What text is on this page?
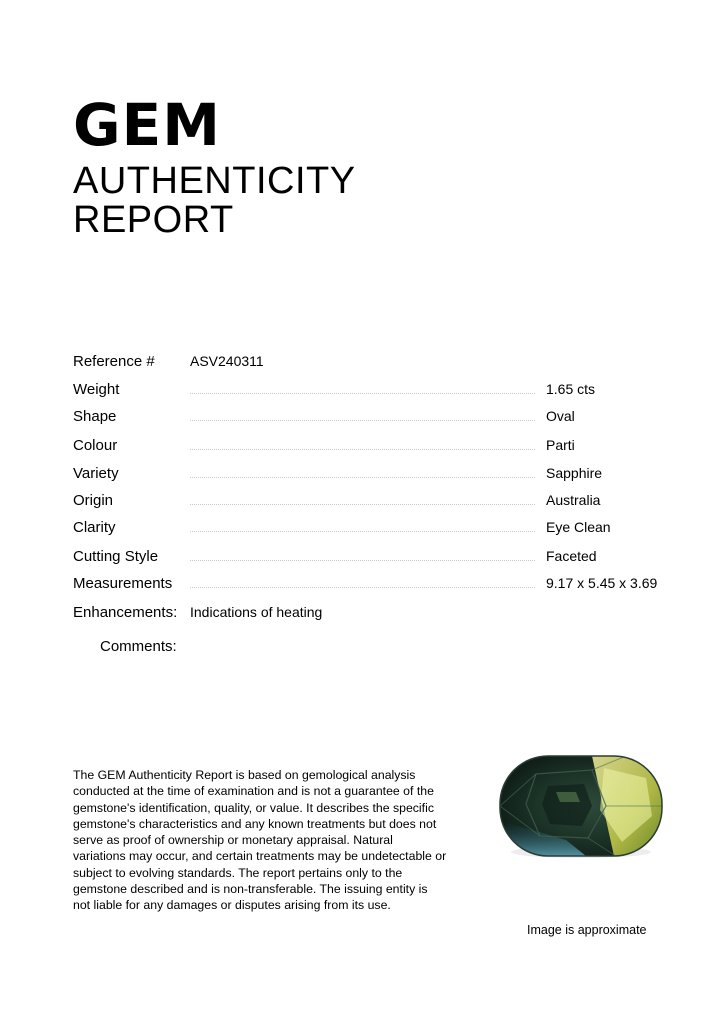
GEM
AUTHENTICITY
REPORT
Reference #	ASV240311
Weight	1.65 cts
Shape	Oval
Colour	Parti
Variety	Sapphire
Origin	Australia
Clarity	Eye Clean
Cutting Style	Faceted
Measurements	9.17 x 5.45 x 3.69
Enhancements: Indications of heating
Comments:
The GEM Authenticity Report is based on gemological analysis conducted at the time of examination and is not a guarantee of the gemstone's identification, quality, or value. It describes the specific gemstone's characteristics and any known treatments but does not serve as proof of ownership or monetary appraisal. Natural variations may occur, and certain treatments may be undetectable or subject to evolving standards. The report pertains only to the gemstone described and is non-transferable. The issuing entity is not liable for any damages or disputes arising from its use.
Image is approximate
